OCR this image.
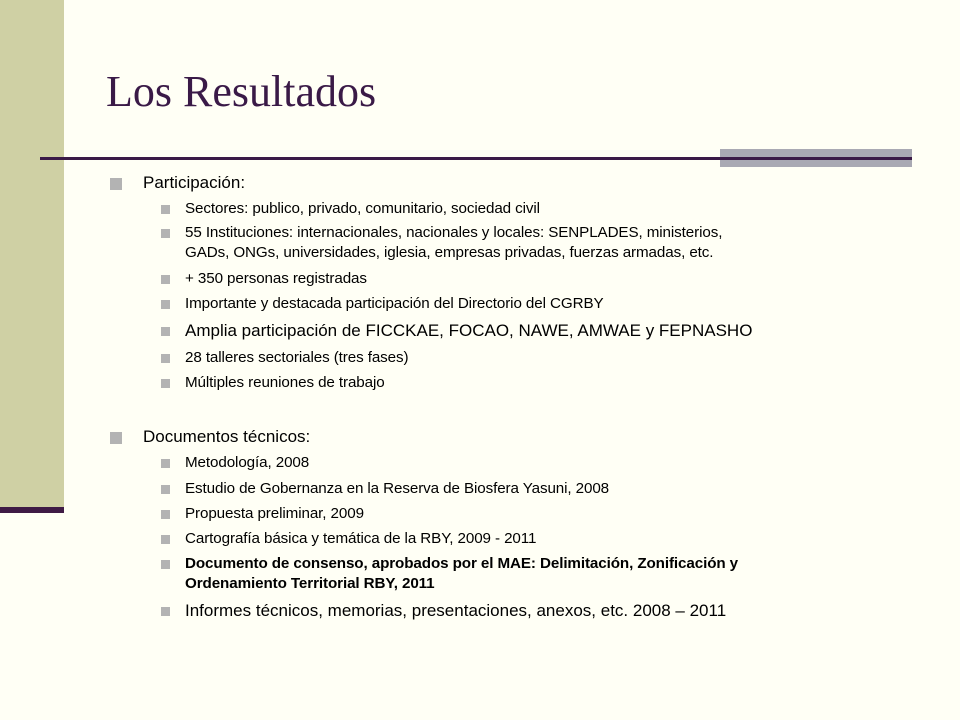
Los Resultados
Participación:
Sectores: publico, privado, comunitario, sociedad civil
55 Instituciones: internacionales, nacionales y locales: SENPLADES, ministerios,
GADs, ONGs, universidades, iglesia, empresas privadas, fuerzas armadas, etc.
+ 350 personas registradas
Importante y destacada participación del Directorio del CGRBY
Amplia participación de FICCKAE, FOCAO, NAWE, AMWAE y FEPNASHO
28 talleres sectoriales (tres fases)
Múltiples reuniones de trabajo
Documentos técnicos:
Metodología, 2008
Estudio de Gobernanza en la Reserva de Biosfera Yasuni, 2008
Propuesta preliminar, 2009
Cartografía básica y temática de la RBY, 2009 - 2011
Documento de consenso, aprobados por el MAE: Delimitación, Zonificación y
Ordenamiento Territorial RBY, 2011
Informes técnicos, memorias, presentaciones, anexos, etc. 2008 – 2011
